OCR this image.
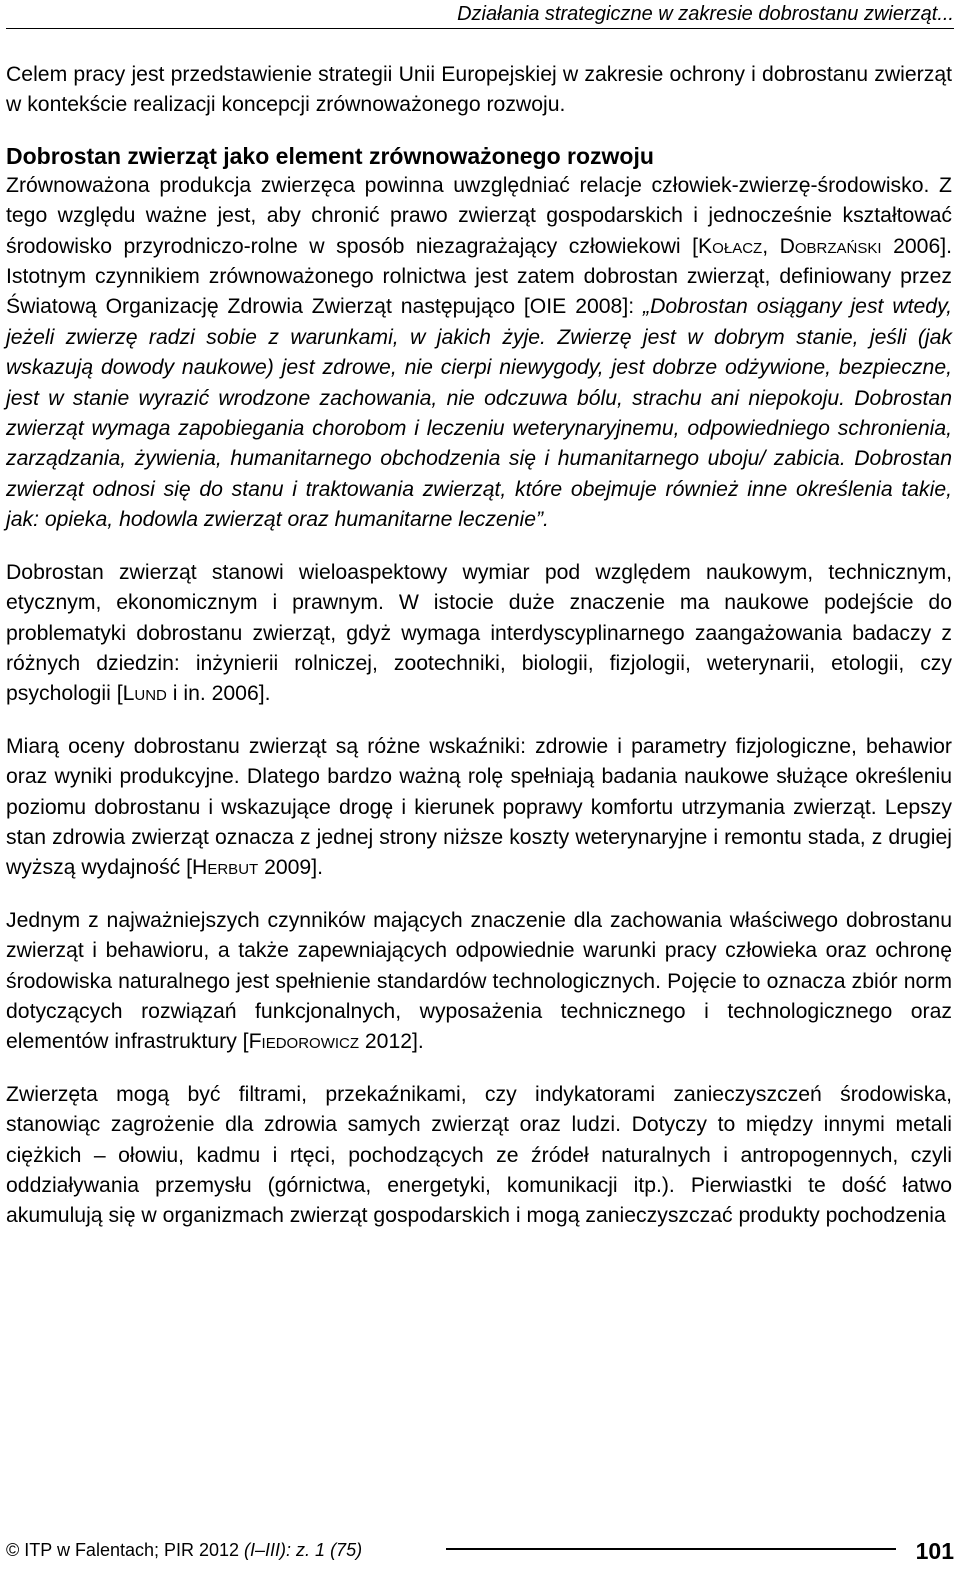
Działania strategiczne w zakresie dobrostanu zwierząt...

Celem pracy jest przedstawienie strategii Unii Europejskiej w zakresie ochrony i dobrostanu zwierząt w kontekście realizacji koncepcji zrównoważonego rozwoju.

Dobrostan zwierząt jako element zrównoważonego rozwoju

Zrównoważona produkcja zwierzęca powinna uwzględniać relacje człowiek-zwierzę-środowisko. Z tego względu ważne jest, aby chronić prawo zwierząt gospodarskich i jednocześnie kształtować środowisko przyrodniczo-rolne w sposób niezagrażający człowiekowi [Kołacz, Dobrzański 2006]. Istotnym czynnikiem zrównoważonego rolnictwa jest zatem dobrostan zwierząt, definiowany przez Światową Organizację Zdrowia Zwierząt następująco [OIE 2008]: „Dobrostan osiągany jest wtedy, jeżeli zwierzę radzi sobie z warunkami, w jakich żyje. Zwierzę jest w dobrym stanie, jeśli (jak wskazują dowody naukowe) jest zdrowe, nie cierpi niewygody, jest dobrze odżywione, bezpieczne, jest w stanie wyrazić wrodzone zachowania, nie odczuwa bólu, strachu ani niepokoju. Dobrostan zwierząt wymaga zapobiegania chorobom i leczeniu weterynaryjnemu, odpowiedniego schronienia, zarządzania, żywienia, humanitarnego obchodzenia się i humanitarnego uboju/ zabicia. Dobrostan zwierząt odnosi się do stanu i traktowania zwierząt, które obejmuje również inne określenia takie, jak: opieka, hodowla zwierząt oraz humanitarne leczenie”.

Dobrostan zwierząt stanowi wieloaspektowy wymiar pod względem naukowym, technicznym, etycznym, ekonomicznym i prawnym. W istocie duże znaczenie ma naukowe podejście do problematyki dobrostanu zwierząt, gdyż wymaga interdyscyplinarnego zaangażowania badaczy z różnych dziedzin: inżynierii rolniczej, zootechniki, biologii, fizjologii, weterynarii, etologii, czy psychologii [Lund i in. 2006].

Miarą oceny dobrostanu zwierząt są różne wskaźniki: zdrowie i parametry fizjologiczne, behawior oraz wyniki produkcyjne. Dlatego bardzo ważną rolę spełniają badania naukowe służące określeniu poziomu dobrostanu i wskazujące drogę i kierunek poprawy komfortu utrzymania zwierząt. Lepszy stan zdrowia zwierząt oznacza z jednej strony niższe koszty weterynaryjne i remontu stada, z drugiej wyższą wydajność [Herbut 2009].

Jednym z najważniejszych czynników mających znaczenie dla zachowania właściwego dobrostanu zwierząt i behawioru, a także zapewniających odpowiednie warunki pracy człowieka oraz ochronę środowiska naturalnego jest spełnienie standardów technologicznych. Pojęcie to oznacza zbiór norm dotyczących rozwiązań funkcjonalnych, wyposażenia technicznego i technologicznego oraz elementów infrastruktury [Fiedorowicz 2012].

Zwierzęta mogą być filtrami, przekaźnikami, czy indykatorami zanieczyszczeń środowiska, stanowiąc zagrożenie dla zdrowia samych zwierząt oraz ludzi. Dotyczy to między innymi metali ciężkich – ołowiu, kadmu i rtęci, pochodzących ze źródeł naturalnych i antropogennych, czyli oddziaływania przemysłu (górnictwa, energetyki, komunikacji itp.). Pierwiastki te dość łatwo akumulują się w organizmach zwierząt gospodarskich i mogą zanieczyszczać produkty pochodzenia

© ITP w Falentach; PIR 2012 (I–III): z. 1 (75)	101
